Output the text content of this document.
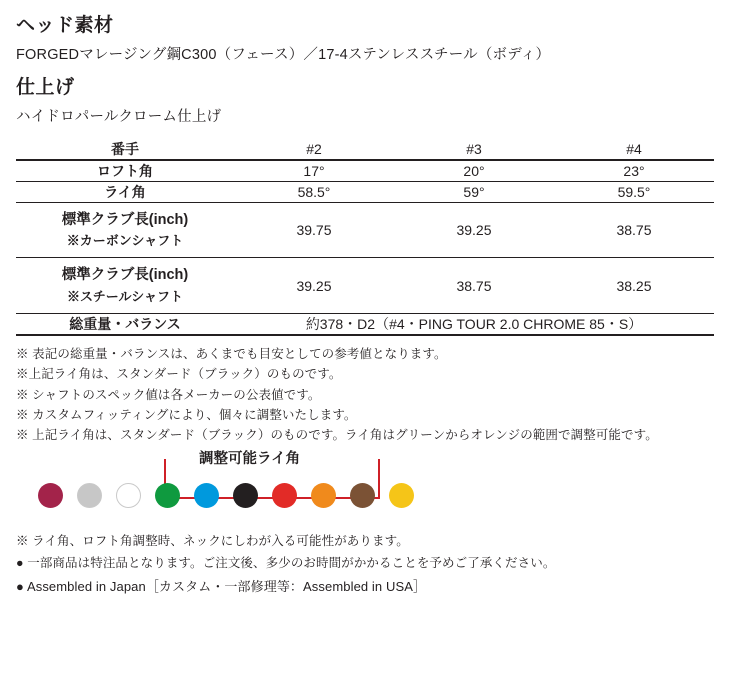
ヘッド素材

FORGEDマレージング鋼C300（フェース）／17-4ステンレススチール（ボディ）

仕上げ

ハイドロパールクローム仕上げ

番手	#2	#3	#4
ロフト角	17°	20°	23°
ライ角	58.5°	59°	59.5°

標準クラブ長(inch)
※カーボンシャフト	39.75	39.25	38.75

標準クラブ長(inch)
※スチールシャフト	39.25	38.75	38.25
総重量・バランス	約378・D2（#4・PING TOUR 2.0 CHROME 85・S）		
※ 表記の総重量・バランスは、あくまでも目安としての参考値となります。
※上記ライ角は、スタンダード（ブラック）のものです。
※ シャフトのスペック値は各メーカーの公表値です。
※ カスタムフィッティングにより、個々に調整いたします。
※ 上記ライ角は、スタンダード（ブラック）のものです。ライ角はグリーンからオレンジの範囲で調整可能です。
調整可能ライ角
※ ライ角、ロフト角調整時、ネックにしわが入る可能性があります。
● 一部商品は特注品となります。ご注文後、多少のお時間がかかることを予めご了承ください。
● Assembled in Japan［カスタム・一部修理等：Assembled in USA］
